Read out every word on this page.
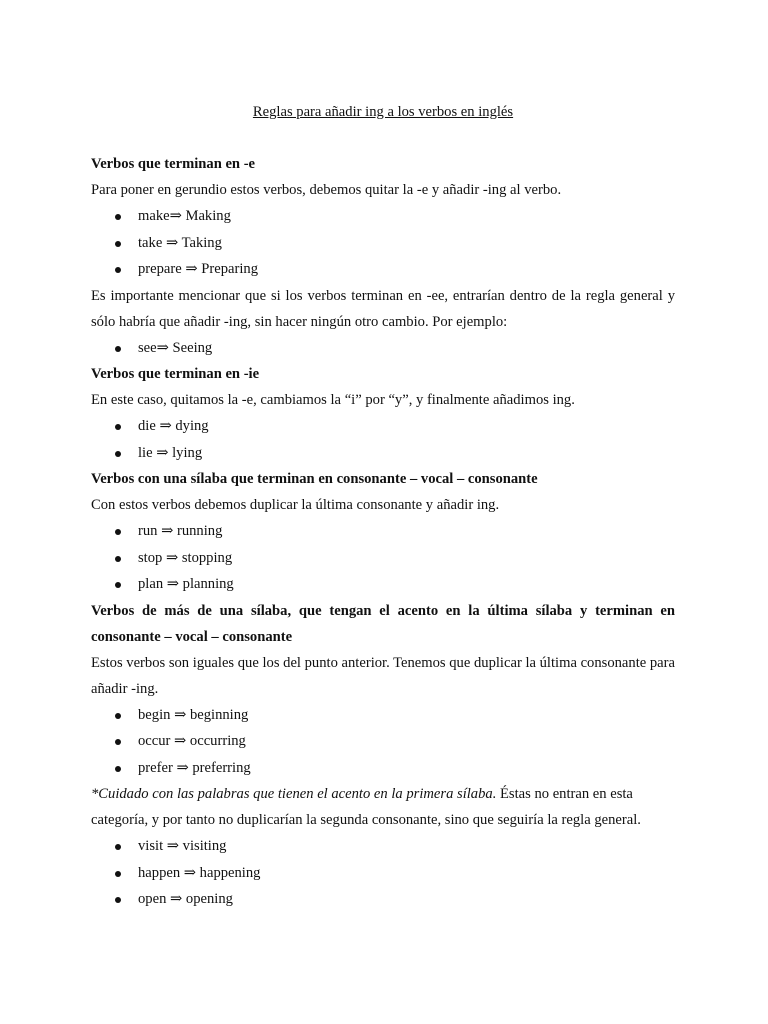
Reglas para añadir ing a los verbos en inglés

Verbos que terminan en -e

Para poner en gerundio estos verbos, debemos quitar la -e y añadir -ing al verbo.

make⇒ Making
take ⇒ Taking
prepare ⇒ Preparing

Es importante mencionar que si los verbos terminan en -ee, entrarían dentro de la regla general y sólo habría que añadir -ing, sin hacer ningún otro cambio. Por ejemplo:

see⇒ Seeing

Verbos que terminan en -ie

En este caso, quitamos la -e, cambiamos la “i” por “y”, y finalmente añadimos ing.

die ⇒ dying
lie ⇒ lying

Verbos con una sílaba que terminan en consonante – vocal – consonante

Con estos verbos debemos duplicar la última consonante y añadir ing.

run ⇒ running
stop ⇒ stopping
plan ⇒ planning

Verbos de más de una sílaba, que tengan el acento en la última sílaba y terminan en consonante – vocal – consonante

Estos verbos son iguales que los del punto anterior. Tenemos que duplicar la última consonante para añadir -ing.

begin ⇒ beginning
occur ⇒ occurring
prefer ⇒ preferring

*Cuidado con las palabras que tienen el acento en la primera sílaba. Éstas no entran en esta categoría, y por tanto no duplicarían la segunda consonante, sino que seguiría la regla general.

visit ⇒ visiting
happen ⇒ happening
open ⇒ opening
